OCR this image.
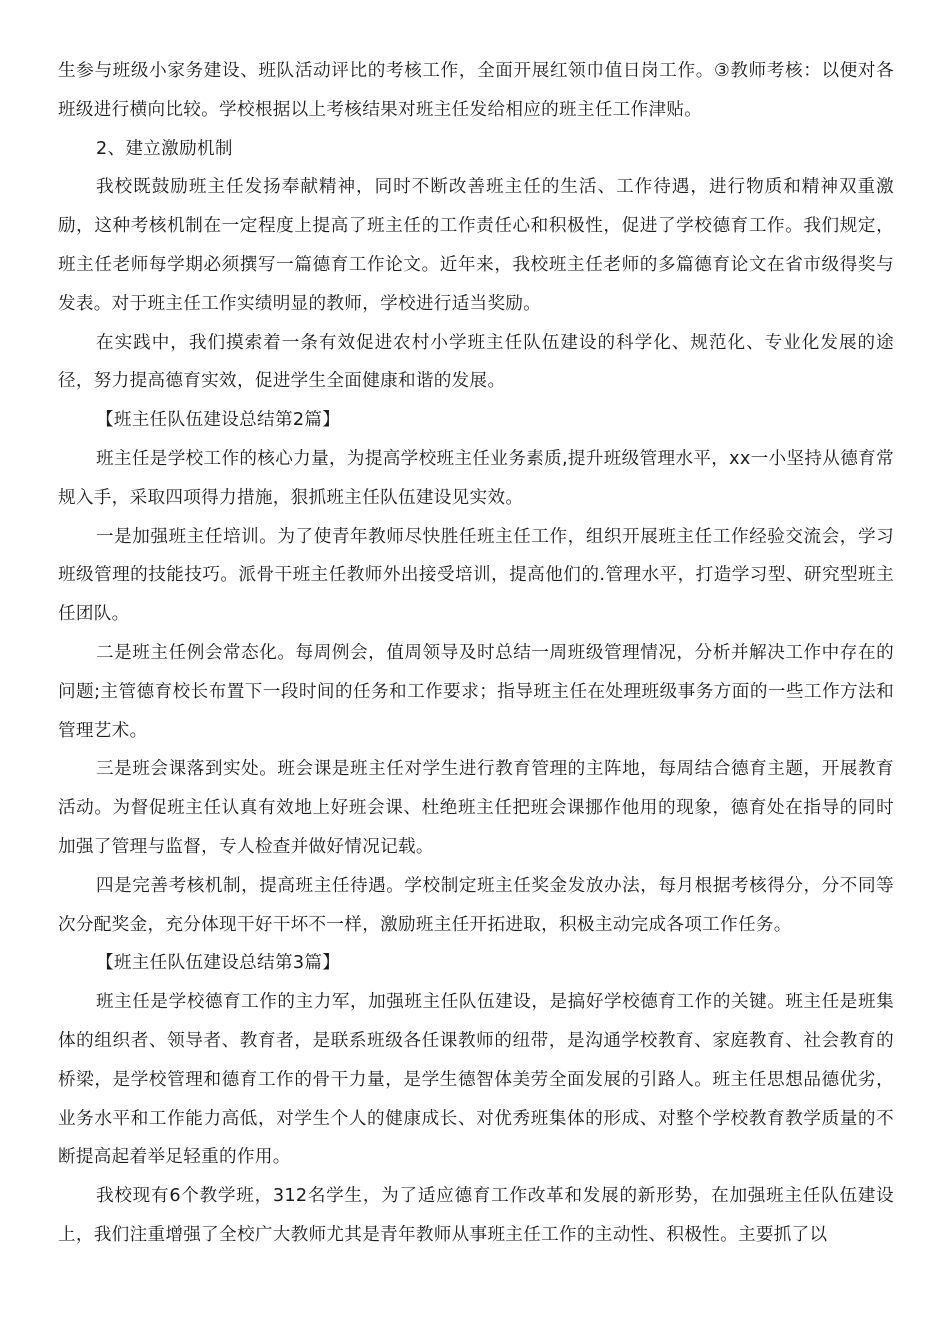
生参与班级小家务建设、班队活动评比的考核工作，全面开展红领巾值日岗工作。③教师考核：以便对各班级进行横向比较。学校根据以上考核结果对班主任发给相应的班主任工作津贴。

2、建立激励机制

我校既鼓励班主任发扬奉献精神，同时不断改善班主任的生活、工作待遇，进行物质和精神双重激励，这种考核机制在一定程度上提高了班主任的工作责任心和积极性，促进了学校德育工作。我们规定，班主任老师每学期必须撰写一篇德育工作论文。近年来，我校班主任老师的多篇德育论文在省市级得奖与发表。对于班主任工作实绩明显的教师，学校进行适当奖励。

在实践中，我们摸索着一条有效促进农村小学班主任队伍建设的科学化、规范化、专业化发展的途径，努力提高德育实效，促进学生全面健康和谐的发展。

【班主任队伍建设总结第2篇】

班主任是学校工作的核心力量，为提高学校班主任业务素质,提升班级管理水平，xx一小坚持从德育常规入手，采取四项得力措施，狠抓班主任队伍建设见实效。

一是加强班主任培训。为了使青年教师尽快胜任班主任工作，组织开展班主任工作经验交流会，学习班级管理的技能技巧。派骨干班主任教师外出接受培训，提高他们的.管理水平，打造学习型、研究型班主任团队。

二是班主任例会常态化。每周例会，值周领导及时总结一周班级管理情况，分析并解决工作中存在的问题;主管德育校长布置下一段时间的任务和工作要求；指导班主任在处理班级事务方面的一些工作方法和管理艺术。

三是班会课落到实处。班会课是班主任对学生进行教育管理的主阵地，每周结合德育主题，开展教育活动。为督促班主任认真有效地上好班会课、杜绝班主任把班会课挪作他用的现象，德育处在指导的同时加强了管理与监督，专人检查并做好情况记载。

四是完善考核机制，提高班主任待遇。学校制定班主任奖金发放办法，每月根据考核得分，分不同等次分配奖金，充分体现干好干坏不一样，激励班主任开拓进取，积极主动完成各项工作任务。

【班主任队伍建设总结第3篇】

班主任是学校德育工作的主力军，加强班主任队伍建设，是搞好学校德育工作的关键。班主任是班集体的组织者、领导者、教育者，是联系班级各任课教师的纽带，是沟通学校教育、家庭教育、社会教育的桥梁，是学校管理和德育工作的骨干力量，是学生德智体美劳全面发展的引路人。班主任思想品德优劣，业务水平和工作能力高低，对学生个人的健康成长、对优秀班集体的形成、对整个学校教育教学质量的不断提高起着举足轻重的作用。

我校现有6个教学班，312名学生，为了适应德育工作改革和发展的新形势，在加强班主任队伍建设上，我们注重增强了全校广大教师尤其是青年教师从事班主任工作的主动性、积极性。主要抓了以
